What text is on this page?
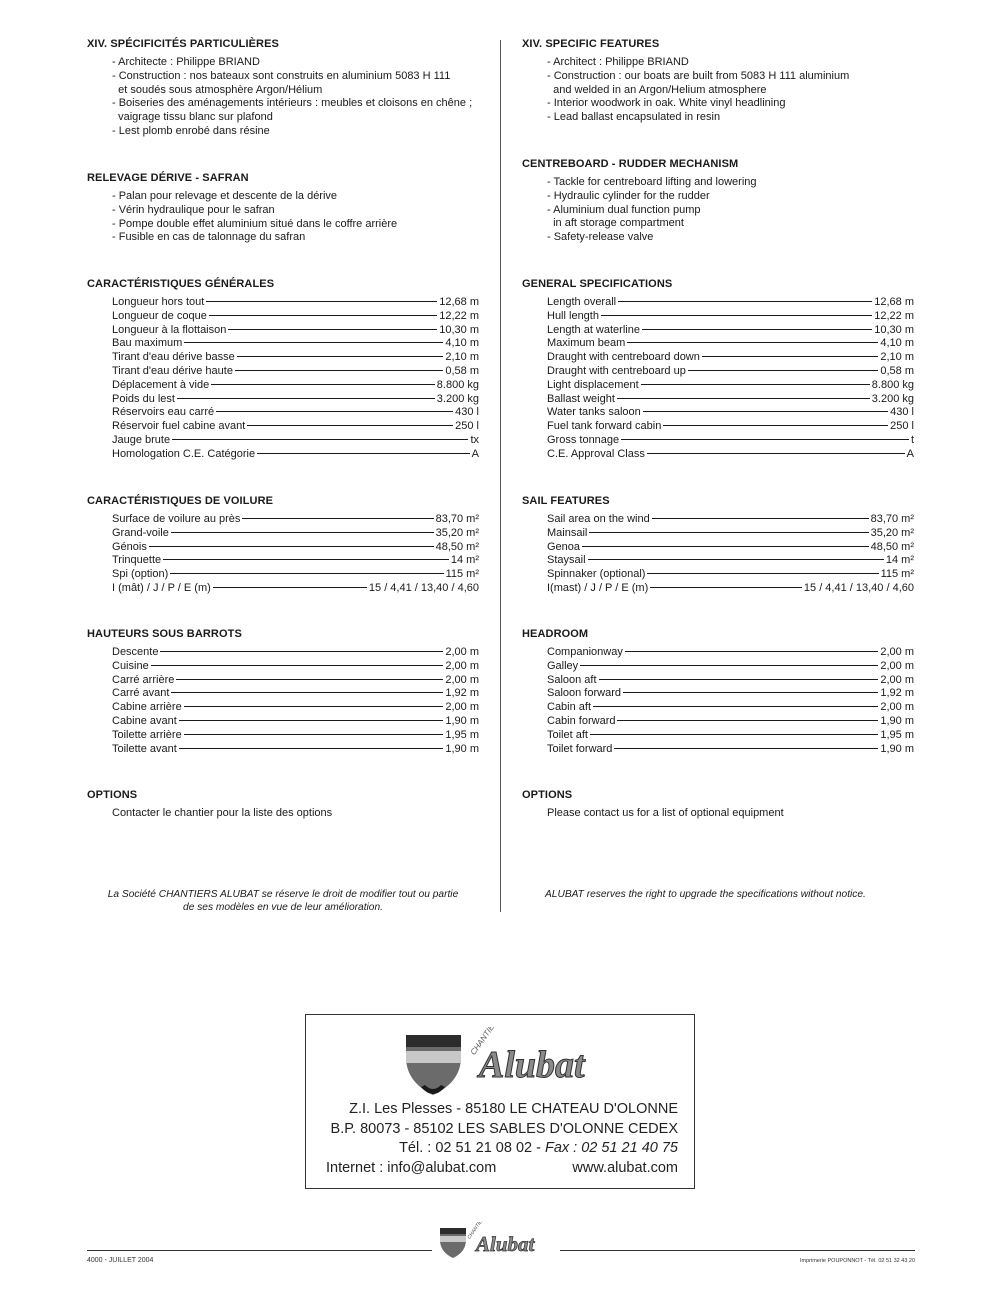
XIV. SPÉCIFICITÉS PARTICULIÈRES

- Architecte : Philippe BRIAND

- Construction : nos bateaux sont construits en aluminium 5083 H 111

et soudés sous atmosphère Argon/Hélium

- Boiseries des aménagements intérieurs : meubles et cloisons en chêne ;

vaigrage tissu blanc sur plafond

- Lest plomb enrobé dans résine

RELEVAGE DÉRIVE - SAFRAN

- Palan pour relevage et descente de la dérive

- Vérin hydraulique pour le safran

- Pompe double effet aluminium situé dans le coffre arrière

- Fusible en cas de talonnage du safran

CARACTÉRISTIQUES GÉNÉRALES
Longueur hors tout	12,68 m
Longueur de coque	12,22 m
Longueur à la flottaison	10,30 m
Bau maximum	4,10 m
Tirant d'eau dérive basse	2,10 m
Tirant d'eau dérive haute	0,58 m
Déplacement à vide	8.800 kg
Poids du lest	3.200 kg
Réservoirs eau carré	430 l
Réservoir fuel cabine avant	250 l
Jauge brute	tx
Homologation C.E. Catégorie	A
CARACTÉRISTIQUES DE VOILURE
Surface de voilure au près	83,70 m²
Grand-voile	35,20 m²
Génois	48,50 m²
Trinquette	14 m²
Spi (option)	115 m²
I (mât) / J / P / E (m)	15 / 4,41 / 13,40 / 4,60
HAUTEURS SOUS BARROTS
Descente	2,00 m
Cuisine	2,00 m
Carré arrière	2,00 m
Carré avant	1,92 m
Cabine arrière	2,00 m
Cabine avant	1,90 m
Toilette arrière	1,95 m
Toilette avant	1,90 m
OPTIONS

Contacter le chantier pour la liste des options

XIV. SPECIFIC FEATURES

- Architect : Philippe BRIAND

- Construction : our boats are built from 5083 H 111 aluminium

and welded in an Argon/Helium atmosphere

- Interior woodwork in oak. White vinyl headlining

- Lead ballast encapsulated in resin

CENTREBOARD - RUDDER MECHANISM

- Tackle for centreboard lifting and lowering

- Hydraulic cylinder for the rudder

- Aluminium dual function pump

in aft storage compartment

- Safety-release valve

GENERAL SPECIFICATIONS
Length overall	12,68 m
Hull length	12,22 m
Length at waterline	10,30 m
Maximum beam	4,10 m
Draught with centreboard down	2,10 m
Draught with centreboard up	0,58 m
Light displacement	8.800 kg
Ballast weight	3.200 kg
Water tanks saloon	430 l
Fuel tank forward cabin	250 l
Gross tonnage	t
C.E. Approval Class	A
SAIL FEATURES
Sail area on the wind	83,70 m²
Mainsail	35,20 m²
Genoa	48,50 m²
Staysail	14 m²
Spinnaker (optional)	115 m²
I(mast) / J / P / E (m)	15 / 4,41 / 13,40 / 4,60
HEADROOM
Companionway	2,00 m
Galley	2,00 m
Saloon aft	2,00 m
Saloon forward	1,92 m
Cabin aft	2,00 m
Cabin forward	1,90 m
Toilet aft	1,95 m
Toilet forward	1,90 m
OPTIONS

Please contact us for a list of optional equipment

La Société CHANTIERS ALUBAT se réserve le droit de modifier tout ou partie
de ses modèles en vue de leur amélioration.
ALUBAT reserves the right to upgrade the specifications without notice.
CHANTIER
Alubat
Z.I. Les Plesses - 85180 LE CHATEAU D'OLONNE
B.P. 80073 - 85102 LES SABLES D'OLONNE CEDEX
Tél. : 02 51 21 08 02 - Fax : 02 51 21 40 75
Internet : info@alubat.com	www.alubat.com
CHANTIER
Alubat
4000 - JUILLET 2004	Imprimerie POUPONNOT - Tél. 02 51 32 43 20
